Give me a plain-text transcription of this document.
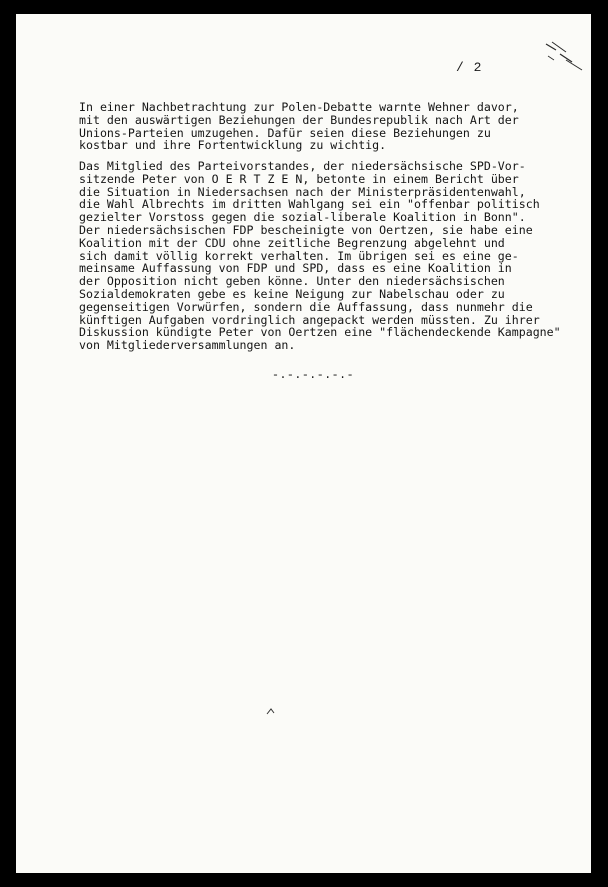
/ 2
In einer Nachbetrachtung zur Polen-Debatte warnte Wehner davor,
mit den auswärtigen Beziehungen der Bundesrepublik nach Art der
Unions-Parteien umzugehen. Dafür seien diese Beziehungen zu
kostbar und ihre Fortentwicklung zu wichtig.
Das Mitglied des Parteivorstandes, der niedersächsische SPD-Vor-
sitzende Peter von O E R T Z E N, betonte in einem Bericht über
die Situation in Niedersachsen nach der Ministerpräsidentenwahl,
die Wahl Albrechts im dritten Wahlgang sei ein "offenbar politisch
gezielter Vorstoss gegen die sozial-liberale Koalition in Bonn".
Der niedersächsischen FDP bescheinigte von Oertzen, sie habe eine
Koalition mit der CDU ohne zeitliche Begrenzung abgelehnt und
sich damit völlig korrekt verhalten. Im übrigen sei es eine ge-
meinsame Auffassung von FDP und SPD, dass es eine Koalition in
der Opposition nicht geben könne. Unter den niedersächsischen
Sozialdemokraten gebe es keine Neigung zur Nabelschau oder zu
gegenseitigen Vorwürfen, sondern die Auffassung, dass nunmehr die
künftigen Aufgaben vordringlich angepackt werden müssten. Zu ihrer
Diskussion kündigte Peter von Oertzen eine "flächendeckende Kampagne"
von Mitgliederversammlungen an.
-.-.-.-.-.-
